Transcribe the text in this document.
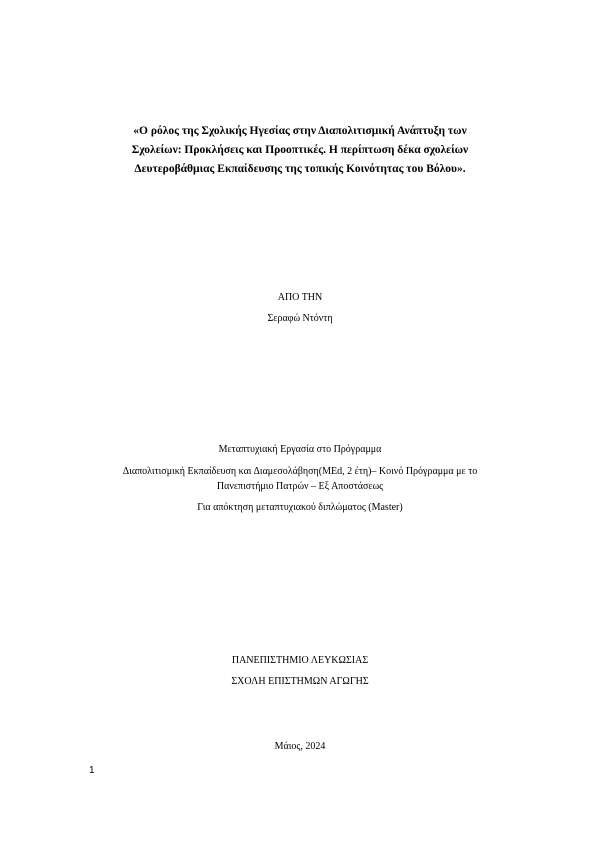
«Ο ρόλος της Σχολικής Ηγεσίας στην Διαπολιτισμική Ανάπτυξη των
Σχολείων: Προκλήσεις και Προοπτικές. Η περίπτωση δέκα σχολείων
Δευτεροβάθμιας Εκπαίδευσης της τοπικής Κοινότητας του Βόλου».
ΑΠΟ ΤΗΝ
Σεραφώ Ντόντη
Μεταπτυχιακή Εργασία στο Πρόγραμμα
Διαπολιτισμική Εκπαίδευση και Διαμεσολάβηση(MEd, 2 έτη)– Κοινό Πρόγραμμα με το
Πανεπιστήμιο Πατρών – Εξ Αποστάσεως
Για απόκτηση μεταπτυχιακού διπλώματος (Master)
ΠΑΝΕΠΙΣΤΗΜΙΟ ΛΕΥΚΩΣΙΑΣ
ΣΧΟΛΗ ΕΠΙΣΤΗΜΩΝ ΑΓΩΓΗΣ
Μάιος, 2024
1
